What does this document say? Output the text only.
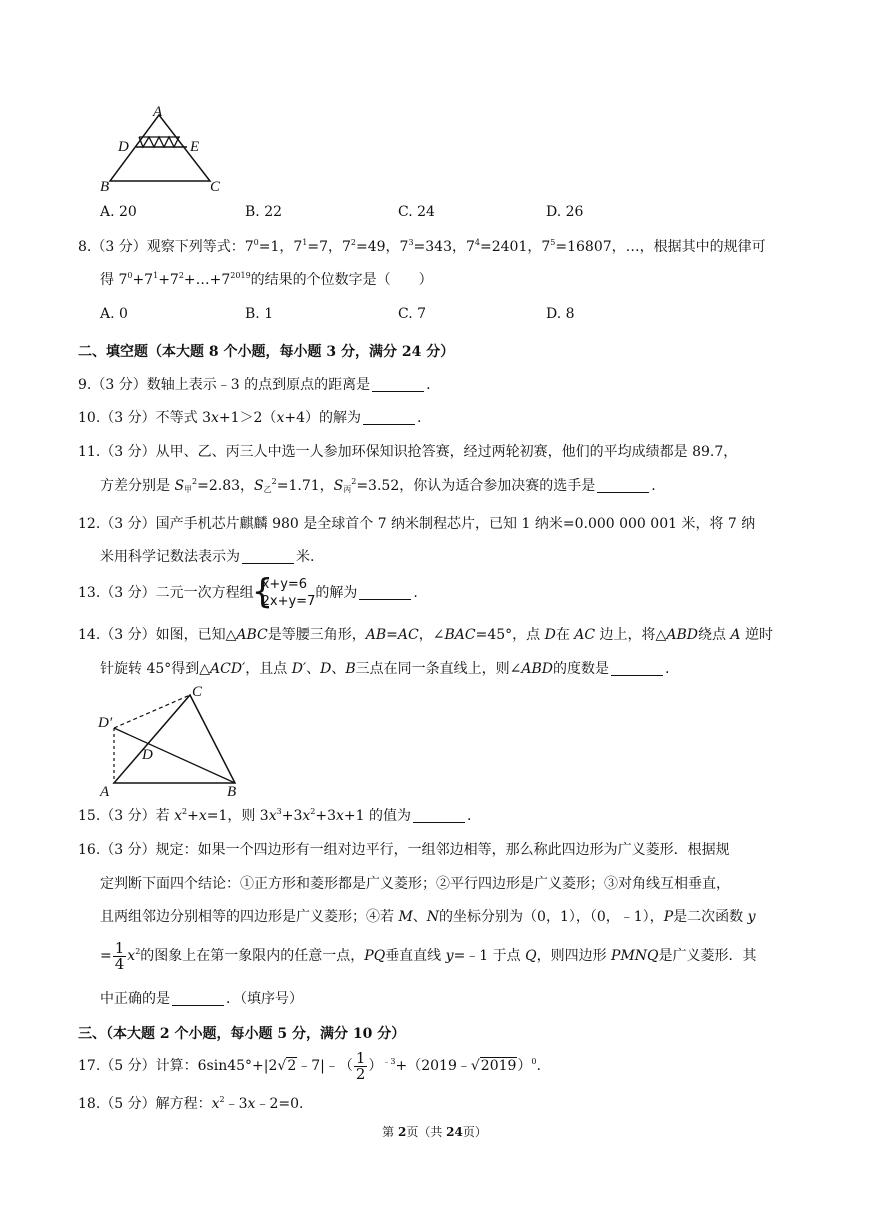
A
D	E
B	C
A. 20	B. 22	C. 24	D. 26
8.（3 分）观察下列等式：$7^0=1$，$7^1=7$，$7^2=49$，$7^3=343$，$7^4=2401$，$7^5=16807$，…，根据其中的规律可
得 $7^0+7^1+7^2+\dots+7^{2019}$的结果的个位数字是（　　）
A. 0	B. 1	C. 7	D. 8
二、填空题（本大题 8 个小题，每小题 3 分，满分 24 分）
9.（3 分）数轴上表示﹣3 的点到原点的距离是	.
10.（3 分）不等式 3x+1＞2（x+4）的解为	.
11.（3 分）从甲、乙、丙三人中选一人参加环保知识抢答赛，经过两轮初赛，他们的平均成绩都是 89.7，
方差分别是 $S_甲^2=2.83$，$S_乙^2=1.71$，$S_丙^2=3.52$，你认为适合参加决赛的选手是	.
12.（3 分）国产手机芯片麒麟 980 是全球首个 7 纳米制程芯片，已知 1 纳米=0.000 000 001 米，将 7 纳
米用科学记数法表示为	米.
13.（3 分）二元一次方程组
{
x+y=6
2x+y=7
的解为	.
14.（3 分）如图，已知△ABC是等腰三角形，AB=AC，∠BAC=45°，点 D在 AC 边上，将△ABD绕点 A 逆时
针旋转 45°得到△ACD′，且点 D′、D、B三点在同一条直线上，则∠ABD的度数是	.
C
D′
D
A	B
15.（3 分）若 $x^2+x=1$，则 $3x^3+3x^2+3x+1$ 的值为	.
16.（3 分）规定：如果一个四边形有一组对边平行，一组邻边相等，那么称此四边形为广义菱形．根据规
定判断下面四个结论：①正方形和菱形都是广义菱形；②平行四边形是广义菱形；③对角线互相垂直，
且两组邻边分别相等的四边形是广义菱形；④若 M、N的坐标分别为（0，1），（0，﹣1），P是二次函数 y
= $\frac{1}{4} x^2$的图象上在第一象限内的任意一点，PQ垂直直线 y=﹣1 于点 Q，则四边形 PMNQ是广义菱形．其
中正确的是	．（填序号）
三、（本大题 2 个小题，每小题 5 分，满分 10 分）
17.（5 分）计算：6sin45°+|2√2﹣7|﹣（ $\frac{1}{2}$ ）$^{﹣3}$+（2019﹣√2019）$^0$.
18.（5 分）解方程：$x^2﹣3x﹣2=0$.
第 2页（共 24页）
